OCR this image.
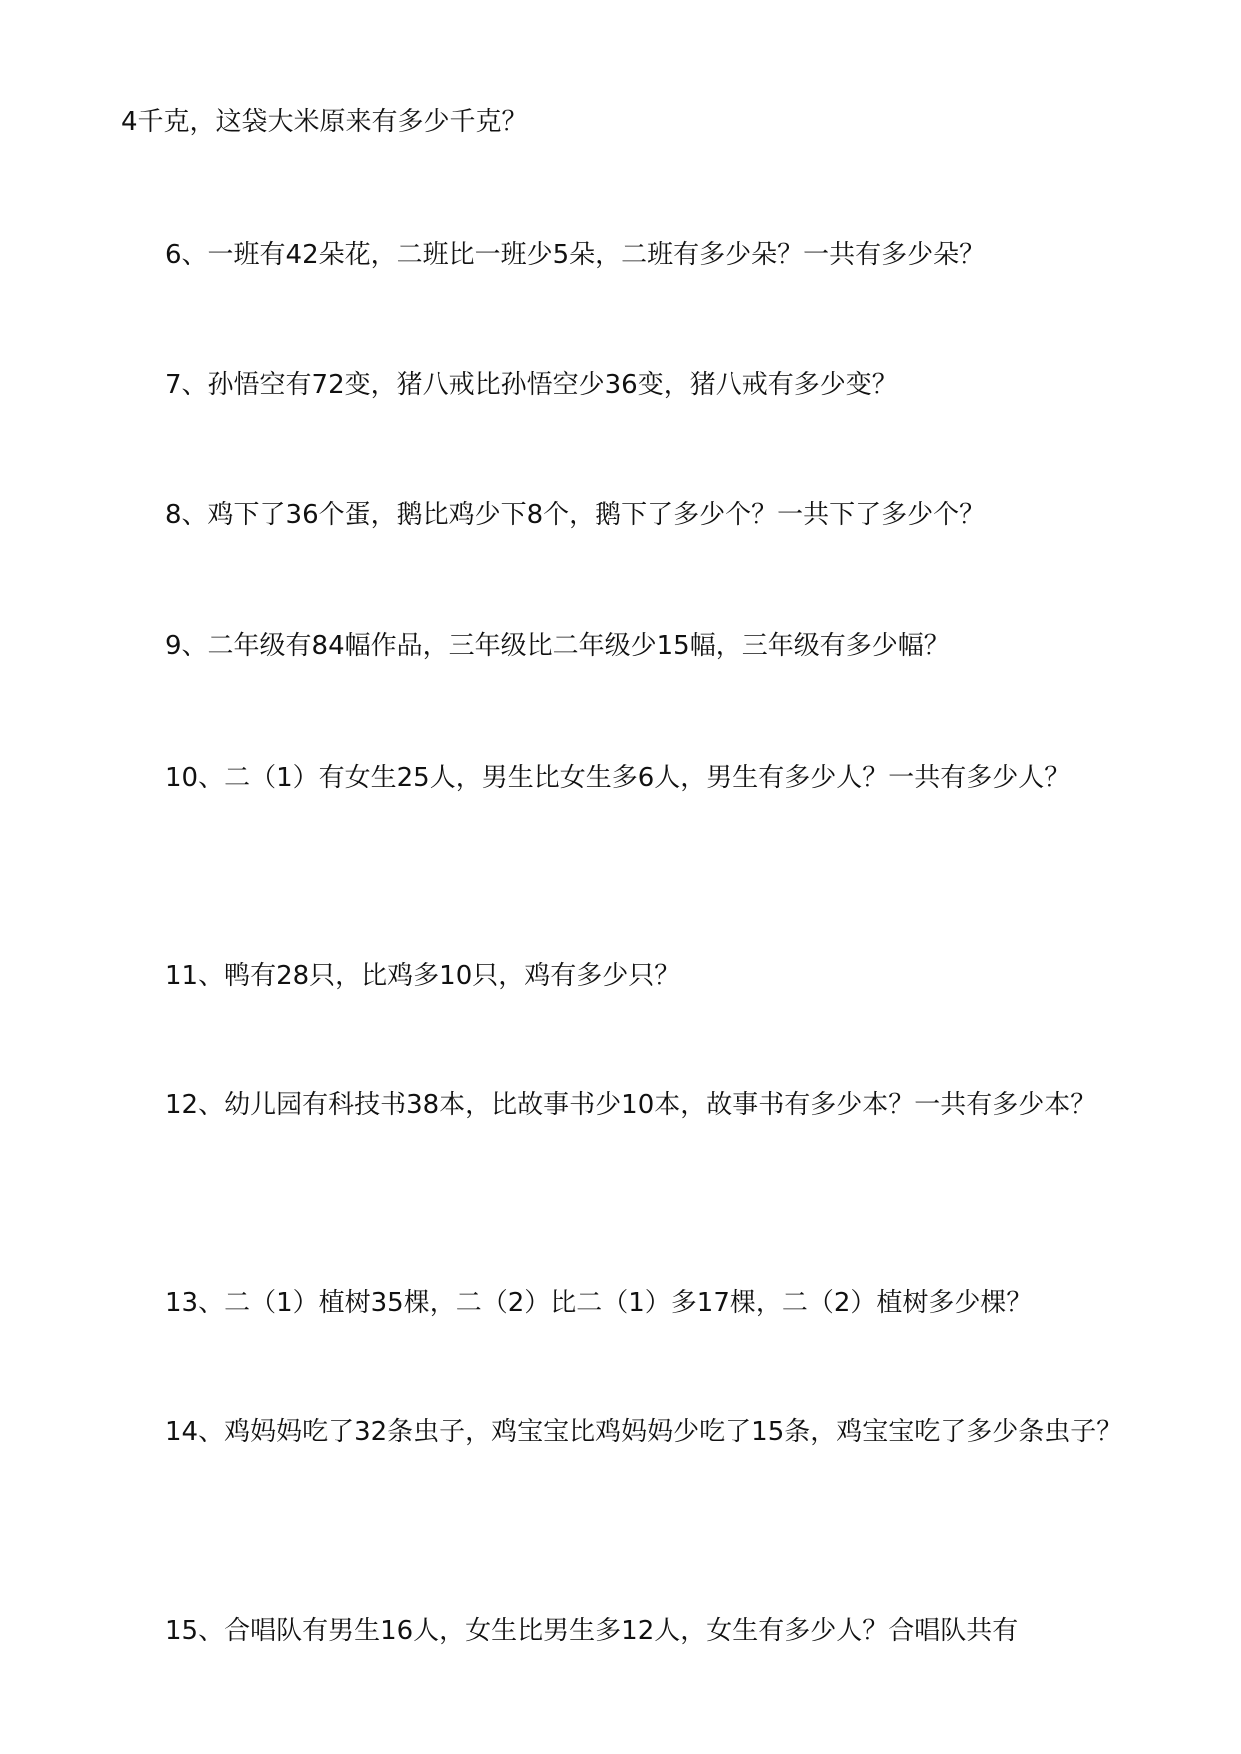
4千克，这袋大米原来有多少千克？

6、一班有42朵花，二班比一班少5朵，二班有多少朵？一共有多少朵？

7、孙悟空有72变，猪八戒比孙悟空少36变，猪八戒有多少变？

8、鸡下了36个蛋，鹅比鸡少下8个，鹅下了多少个？一共下了多少个？

9、二年级有84幅作品，三年级比二年级少15幅，三年级有多少幅？

10、二（1）有女生25人，男生比女生多6人，男生有多少人？一共有多少人？

11、鸭有28只，比鸡多10只，鸡有多少只？

12、幼儿园有科技书38本，比故事书少10本，故事书有多少本？一共有多少本？

13、二（1）植树35棵，二（2）比二（1）多17棵，二（2）植树多少棵？

14、鸡妈妈吃了32条虫子，鸡宝宝比鸡妈妈少吃了15条，鸡宝宝吃了多少条虫子？

15、合唱队有男生16人，女生比男生多12人，女生有多少人？合唱队共有
